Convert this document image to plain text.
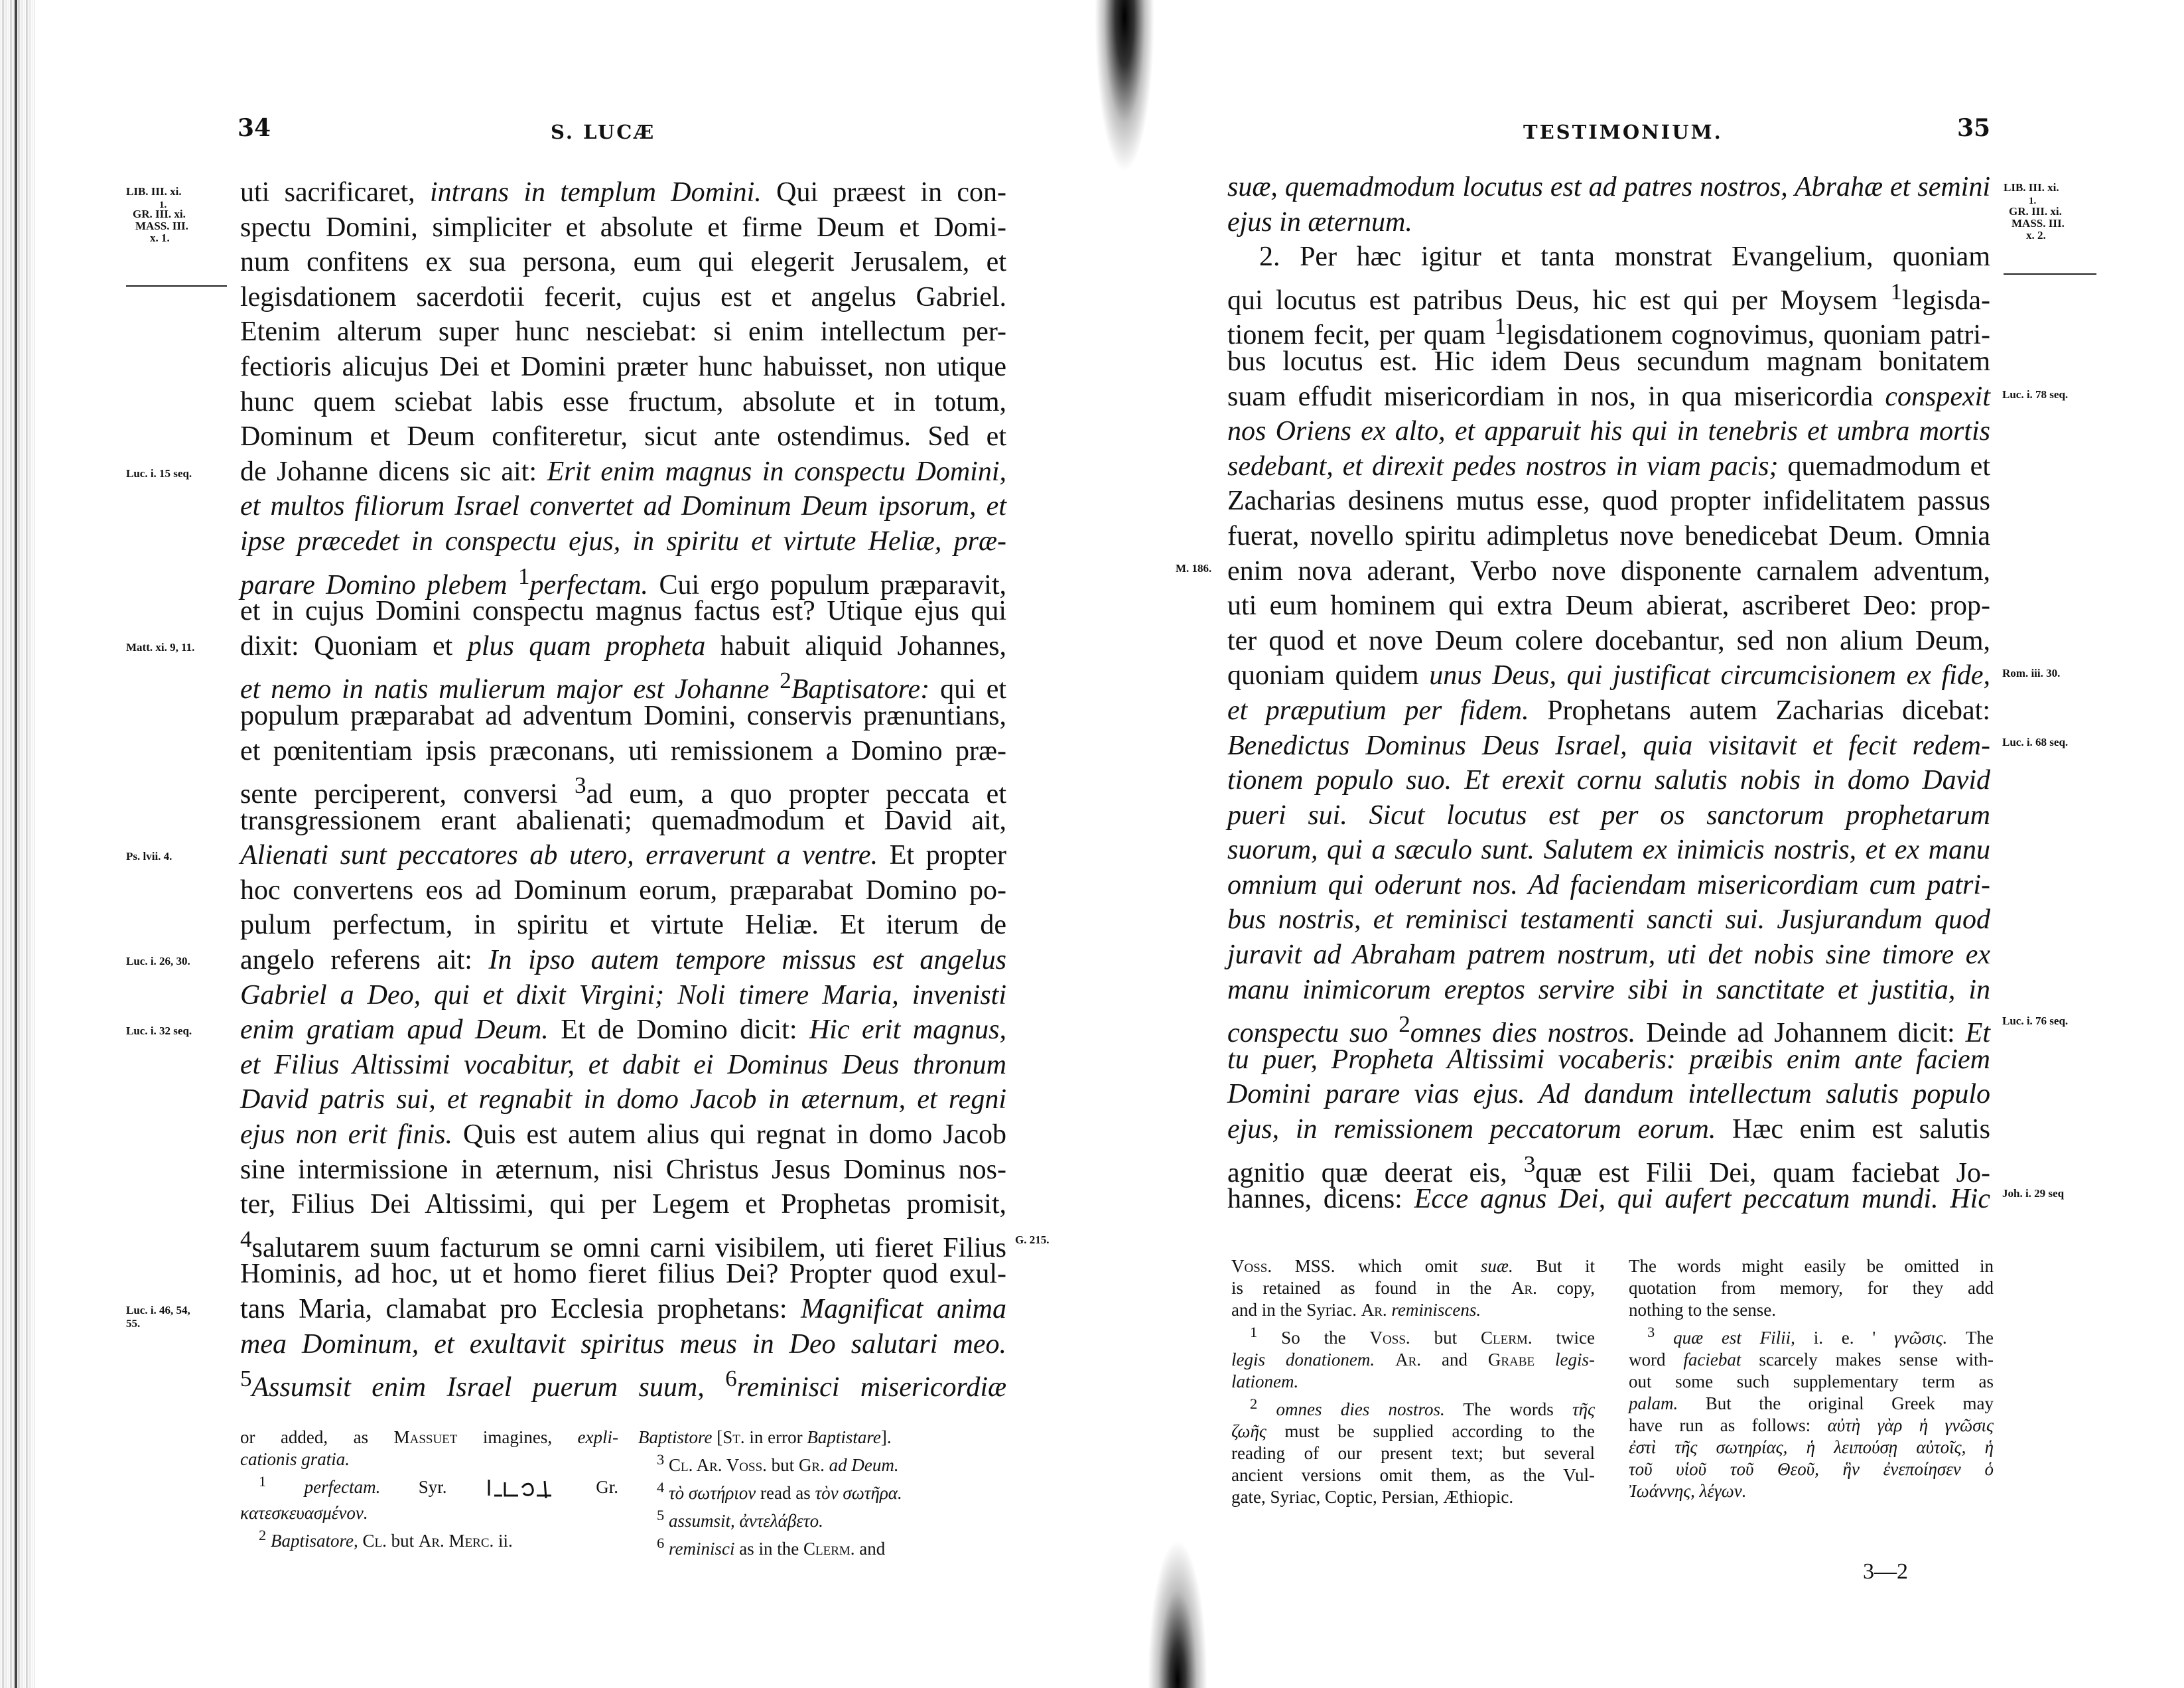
34	S. LUCÆ
LIB. III. xi.
1.
GR. III. xi.
MASS. III.
x. 1.
Luc. i. 15 seq.
Matt. xi. 9, 11.
Ps. lvii. 4.
Luc. i. 26, 30.
Luc. i. 32 seq.
G. 215.
Luc. i. 46, 54,
55.
uti sacrificaret, intrans in templum Domini. Qui præest in con-
spectu Domini, simpliciter et absolute et firme Deum et Domi-
num confitens ex sua persona, eum qui elegerit Jerusalem, et
legisdationem sacerdotii fecerit, cujus est et angelus Gabriel.
Etenim alterum super hunc nesciebat: si enim intellectum per-
fectioris alicujus Dei et Domini præter hunc habuisset, non utique
hunc quem sciebat labis esse fructum, absolute et in totum,
Dominum et Deum confiteretur, sicut ante ostendimus. Sed et
de Johanne dicens sic ait: Erit enim magnus in conspectu Domini,
et multos filiorum Israel convertet ad Dominum Deum ipsorum, et
ipse præcedet in conspectu ejus, in spiritu et virtute Heliæ, præ-
parare Domino plebem $^1$perfectam. Cui ergo populum præparavit,
et in cujus Domini conspectu magnus factus est? Utique ejus qui
dixit: Quoniam et plus quam propheta habuit aliquid Johannes,
et nemo in natis mulierum major est Johanne $^2$Baptisatore: qui et
populum præparabat ad adventum Domini, conservis prænuntians,
et pœnitentiam ipsis præconans, uti remissionem a Domino præ-
sente perciperent, conversi $^3$ad eum, a quo propter peccata et
transgressionem erant abalienati; quemadmodum et David ait,
Alienati sunt peccatores ab utero, erraverunt a ventre. Et propter
hoc convertens eos ad Dominum eorum, præparabat Domino po-
pulum perfectum, in spiritu et virtute Heliæ. Et iterum de
angelo referens ait: In ipso autem tempore missus est angelus
Gabriel a Deo, qui et dixit Virgini; Noli timere Maria, invenisti
enim gratiam apud Deum. Et de Domino dicit: Hic erit magnus,
et Filius Altissimi vocabitur, et dabit ei Dominus Deus thronum
David patris sui, et regnabit in domo Jacob in æternum, et regni
ejus non erit finis. Quis est autem alius qui regnat in domo Jacob
sine intermissione in æternum, nisi Christus Jesus Dominus nos-
ter, Filius Dei Altissimi, qui per Legem et Prophetas promisit,
$^4$salutarem suum facturum se omni carni visibilem, uti fieret Filius
Hominis, ad hoc, ut et homo fieret filius Dei? Propter quod exul-
tans Maria, clamabat pro Ecclesia prophetans: Magnificat anima
mea Dominum, et exultavit spiritus meus in Deo salutari meo.
$^5$Assumsit enim Israel puerum suum, $^6$reminisci misericordiæ
or added, as Massuet imagines, expli-
cationis gratia.
$^1$ perfectam. Syr.	Gr.
κατεσκευασμένον.
$^2$ Baptisatore, Cl. but Ar. Merc. ii.
Baptistore [St. in error Baptistare].
$^3$ Cl. Ar. Voss. but Gr. ad Deum.
$^4$ τὸ σωτήριον read as τὸν σωτῆρα.
$^5$ assumsit, ἀντελάβετο.
$^6$ reminisci as in the Clerm. and
TESTIMONIUM.	35
LIB. III. xi.
1.
GR. III. xi.
MASS. III.
x. 2.
Luc. i. 78 seq.
M. 186.
Rom. iii. 30.
Luc. i. 68 seq.
Luc. i. 76 seq.
Joh. i. 29 seq
suæ, quemadmodum locutus est ad patres nostros, Abrahæ et semini
ejus in æternum.
2. Per hæc igitur et tanta monstrat Evangelium, quoniam
qui locutus est patribus Deus, hic est qui per Moysem $^1$legisda-
tionem fecit, per quam $^1$legisdationem cognovimus, quoniam patri-
bus locutus est. Hic idem Deus secundum magnam bonitatem
suam effudit misericordiam in nos, in qua misericordia conspexit
nos Oriens ex alto, et apparuit his qui in tenebris et umbra mortis
sedebant, et direxit pedes nostros in viam pacis; quemadmodum et
Zacharias desinens mutus esse, quod propter infidelitatem passus
fuerat, novello spiritu adimpletus nove benedicebat Deum. Omnia
enim nova aderant, Verbo nove disponente carnalem adventum,
uti eum hominem qui extra Deum abierat, ascriberet Deo: prop-
ter quod et nove Deum colere docebantur, sed non alium Deum,
quoniam quidem unus Deus, qui justificat circumcisionem ex fide,
et præputium per fidem. Prophetans autem Zacharias dicebat:
Benedictus Dominus Deus Israel, quia visitavit et fecit redem-
tionem populo suo. Et erexit cornu salutis nobis in domo David
pueri sui. Sicut locutus est per os sanctorum prophetarum
suorum, qui a sæculo sunt. Salutem ex inimicis nostris, et ex manu
omnium qui oderunt nos. Ad faciendam misericordiam cum patri-
bus nostris, et reminisci testamenti sancti sui. Jusjurandum quod
juravit ad Abraham patrem nostrum, uti det nobis sine timore ex
manu inimicorum ereptos servire sibi in sanctitate et justitia, in
conspectu suo $^2$omnes dies nostros. Deinde ad Johannem dicit: Et
tu puer, Propheta Altissimi vocaberis: præibis enim ante faciem
Domini parare vias ejus. Ad dandum intellectum salutis populo
ejus, in remissionem peccatorum eorum. Hæc enim est salutis
agnitio quæ deerat eis, $^3$quæ est Filii Dei, quam faciebat Jo-
hannes, dicens: Ecce agnus Dei, qui aufert peccatum mundi. Hic
Voss. MSS. which omit suæ. But it
is retained as found in the Ar. copy,
and in the Syriac. Ar. reminiscens.
$^1$ So the Voss. but Clerm. twice
legis donationem. Ar. and Grabe legis-
lationem.
$^2$ omnes dies nostros. The words τῆς
ζωῆς must be supplied according to the
reading of our present text; but several
ancient versions omit them, as the Vul-
gate, Syriac, Coptic, Persian, Æthiopic.
The words might easily be omitted in
quotation from memory, for they add
nothing to the sense.
$^3$ quæ est Filii, i. e. ' γνῶσις. The
word faciebat scarcely makes sense with-
out some such supplementary term as
palam. But the original Greek may
have run as follows: αὐτὴ γὰρ ἡ γνῶσις
ἐστὶ τῆς σωτηρίας, ἡ λειπούσῃ αὐτοῖς, ἡ
τοῦ υἱοῦ τοῦ Θεοῦ, ἣν ἐνεποίησεν ὁ
Ἰωάννης, λέγων.
3—2
